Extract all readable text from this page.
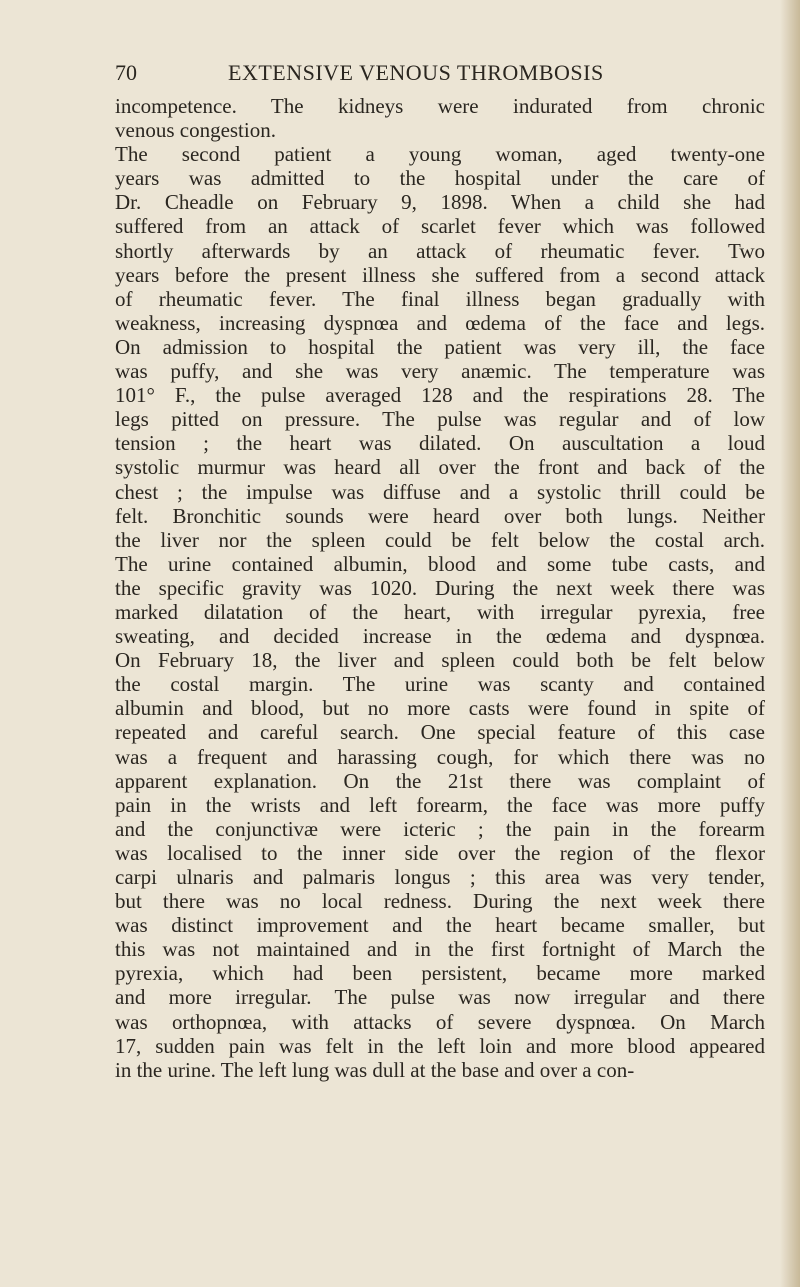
70	EXTENSIVE VENOUS THROMBOSIS
incompetence. The kidneys were indurated from chronic
venous congestion.
The second patient a young woman, aged twenty-one
years was admitted to the hospital under the care of
Dr. Cheadle on February 9, 1898. When a child she had
suffered from an attack of scarlet fever which was followed
shortly afterwards by an attack of rheumatic fever. Two
years before the present illness she suffered from a second attack
of rheumatic fever. The final illness began gradually with
weakness, increasing dyspnœa and œdema of the face and legs.
On admission to hospital the patient was very ill, the face
was puffy, and she was very anæmic. The temperature was
101° F., the pulse averaged 128 and the respirations 28. The
legs pitted on pressure. The pulse was regular and of low
tension ; the heart was dilated. On auscultation a loud
systolic murmur was heard all over the front and back of the
chest ; the impulse was diffuse and a systolic thrill could be
felt. Bronchitic sounds were heard over both lungs. Neither
the liver nor the spleen could be felt below the costal arch.
The urine contained albumin, blood and some tube casts, and
the specific gravity was 1020. During the next week there was
marked dilatation of the heart, with irregular pyrexia, free
sweating, and decided increase in the œdema and dyspnœa.
On February 18, the liver and spleen could both be felt below
the costal margin. The urine was scanty and contained
albumin and blood, but no more casts were found in spite of
repeated and careful search. One special feature of this case
was a frequent and harassing cough, for which there was no
apparent explanation. On the 21st there was complaint of
pain in the wrists and left forearm, the face was more puffy
and the conjunctivæ were icteric ; the pain in the forearm
was localised to the inner side over the region of the flexor
carpi ulnaris and palmaris longus ; this area was very tender,
but there was no local redness. During the next week there
was distinct improvement and the heart became smaller, but
this was not maintained and in the first fortnight of March the
pyrexia, which had been persistent, became more marked
and more irregular. The pulse was now irregular and there
was orthopnœa, with attacks of severe dyspnœa. On March
17, sudden pain was felt in the left loin and more blood appeared
in the urine. The left lung was dull at the base and over a con-
